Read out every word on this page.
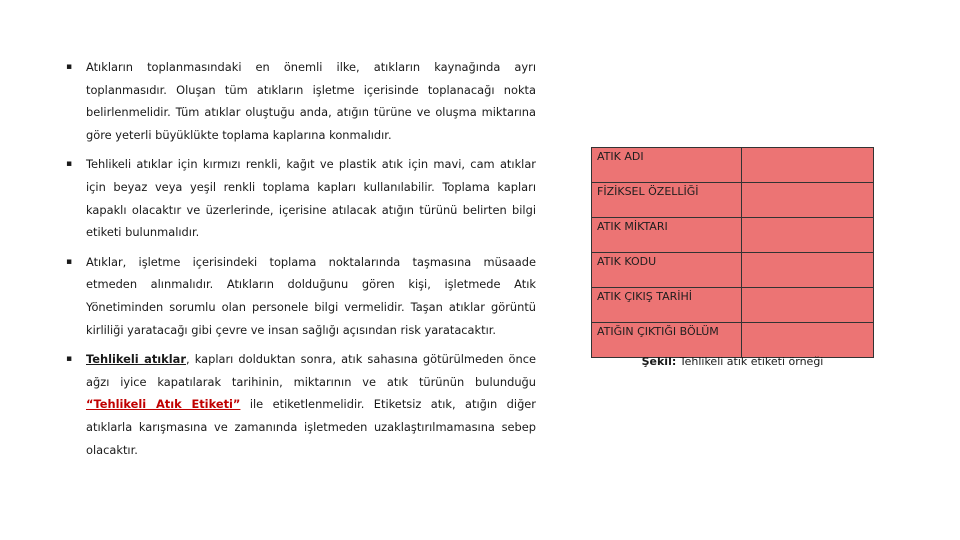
▪ Atıkların toplanmasındaki en önemli ilke, atıkların kaynağında ayrı toplanmasıdır. Oluşan tüm atıkların işletme içerisinde toplanacağı nokta belirlenmelidir. Tüm atıklar oluştuğu anda, atığın türüne ve oluşma miktarına göre yeterli büyüklükte toplama kaplarına konmalıdır.
▪ Tehlikeli atıklar için kırmızı renkli, kağıt ve plastik atık için mavi, cam atıklar için beyaz veya yeşil renkli toplama kapları kullanılabilir. Toplama kapları kapaklı olacaktır ve üzerlerinde, içerisine atılacak atığın türünü belirten bilgi etiketi bulunmalıdır.
▪ Atıklar, işletme içerisindeki toplama noktalarında taşmasına müsaade etmeden alınmalıdır. Atıkların dolduğunu gören kişi, işletmede Atık Yönetiminden sorumlu olan personele bilgi vermelidir. Taşan atıklar görüntü kirliliği yaratacağı gibi çevre ve insan sağlığı açısından risk yaratacaktır.
▪ Tehlikeli atıklar, kapları dolduktan sonra, atık sahasına götürülmeden önce ağzı iyice kapatılarak tarihinin, miktarının ve atık türünün bulunduğu “Tehlikeli Atık Etiketi” ile etiketlenmelidir. Etiketsiz atık, atığın diğer atıklarla karışmasına ve zamanında işletmeden uzaklaştırılmamasına sebep olacaktır.
ATIK ADI	
FİZİKSEL ÖZELLİĞİ	
ATIK MİKTARI	
ATIK KODU	
ATIK ÇIKIŞ TARİHİ	
ATIĞIN ÇIKTIĞI BÖLÜM	
Şekil: Tehlikeli atık etiketi örneği
